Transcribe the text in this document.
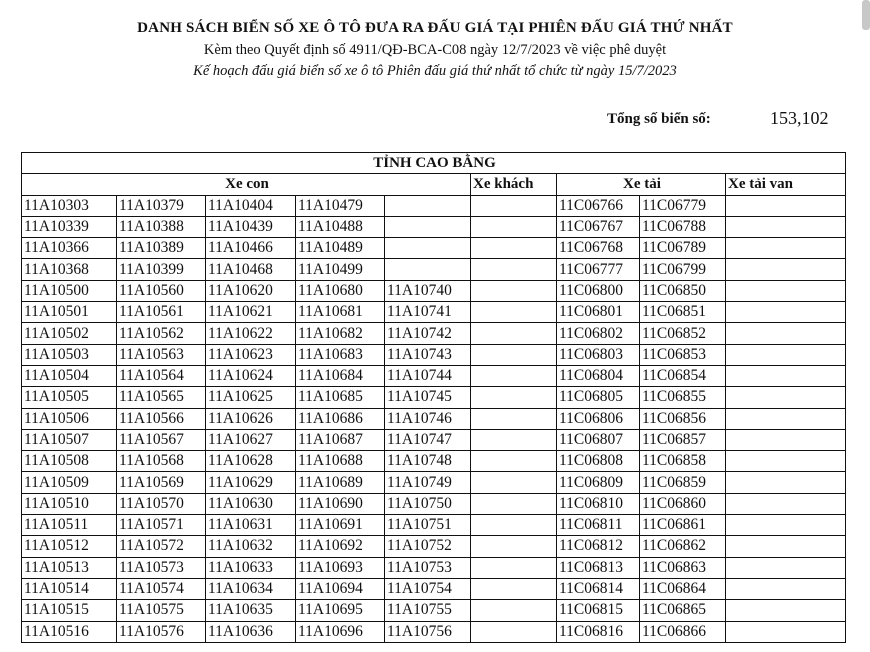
DANH SÁCH BIỂN SỐ XE Ô TÔ ĐƯA RA ĐẤU GIÁ TẠI PHIÊN ĐẤU GIÁ THỨ NHẤT
Kèm theo Quyết định số 4911/QĐ-BCA-C08 ngày 12/7/2023 về việc phê duyệt
Kế hoạch đấu giá biển số xe ô tô Phiên đấu giá thứ nhất tổ chức từ ngày 15/7/2023
Tổng số biển số:	153,102
TỈNH CAO BẰNG								
Xe con					Xe khách	Xe tải		Xe tải van
11A10303	11A10379	11A10404	11A10479			11C06766	11C06779	
11A10339	11A10388	11A10439	11A10488			11C06767	11C06788	
11A10366	11A10389	11A10466	11A10489			11C06768	11C06789	
11A10368	11A10399	11A10468	11A10499			11C06777	11C06799	
11A10500	11A10560	11A10620	11A10680	11A10740		11C06800	11C06850	
11A10501	11A10561	11A10621	11A10681	11A10741		11C06801	11C06851	
11A10502	11A10562	11A10622	11A10682	11A10742		11C06802	11C06852	
11A10503	11A10563	11A10623	11A10683	11A10743		11C06803	11C06853	
11A10504	11A10564	11A10624	11A10684	11A10744		11C06804	11C06854	
11A10505	11A10565	11A10625	11A10685	11A10745		11C06805	11C06855	
11A10506	11A10566	11A10626	11A10686	11A10746		11C06806	11C06856	
11A10507	11A10567	11A10627	11A10687	11A10747		11C06807	11C06857	
11A10508	11A10568	11A10628	11A10688	11A10748		11C06808	11C06858	
11A10509	11A10569	11A10629	11A10689	11A10749		11C06809	11C06859	
11A10510	11A10570	11A10630	11A10690	11A10750		11C06810	11C06860	
11A10511	11A10571	11A10631	11A10691	11A10751		11C06811	11C06861	
11A10512	11A10572	11A10632	11A10692	11A10752		11C06812	11C06862	
11A10513	11A10573	11A10633	11A10693	11A10753		11C06813	11C06863	
11A10514	11A10574	11A10634	11A10694	11A10754		11C06814	11C06864	
11A10515	11A10575	11A10635	11A10695	11A10755		11C06815	11C06865	
11A10516	11A10576	11A10636	11A10696	11A10756		11C06816	11C06866	
